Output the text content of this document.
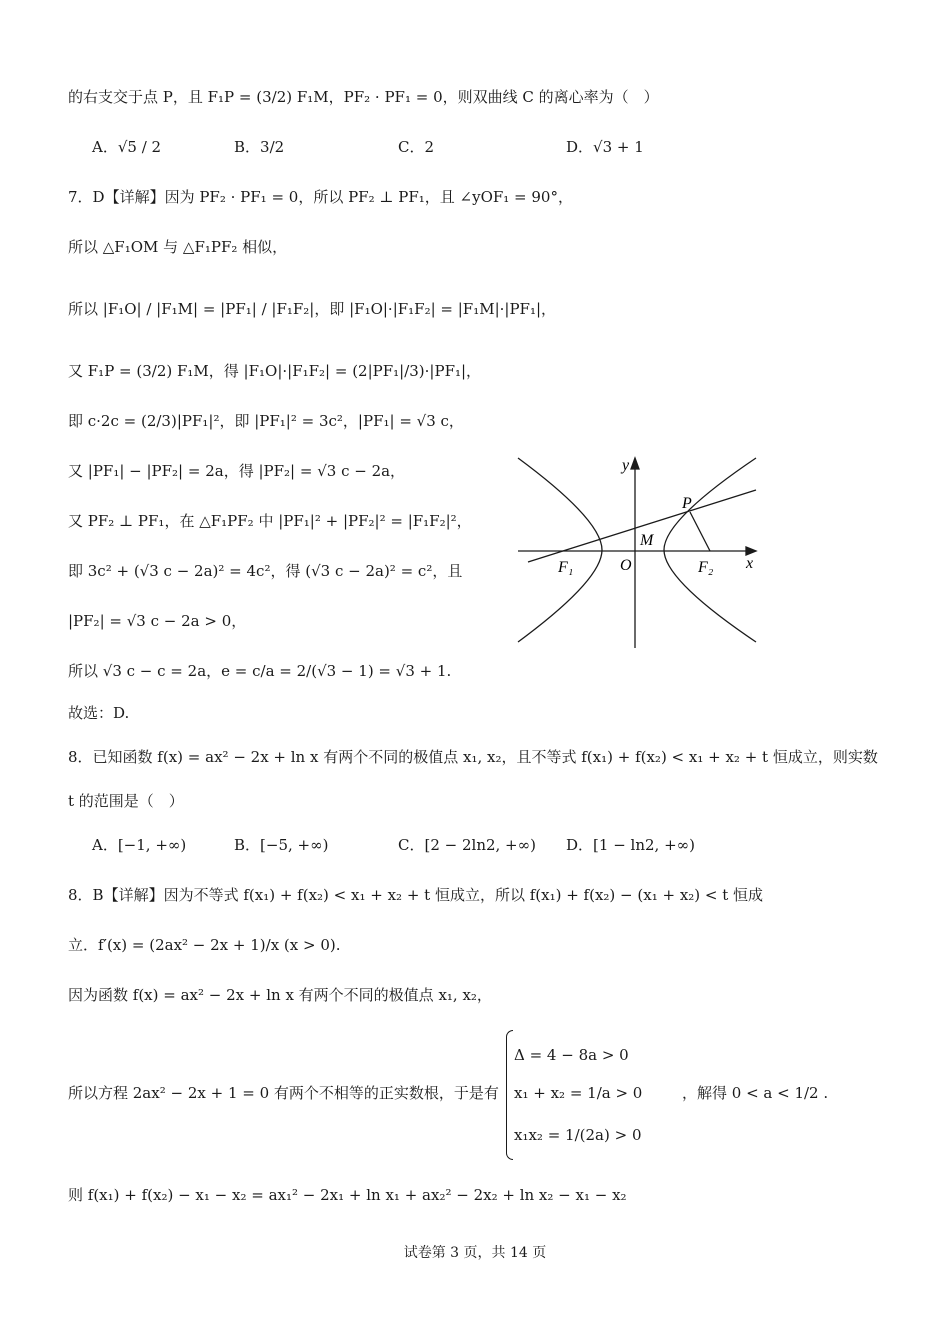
的右支交于点 P，且 F₁P = (3/2) F₁M，PF₂ · PF₁ = 0，则双曲线 C 的离心率为（　）
A．√5 / 2	B．3/2	C．2	D．√3 + 1
7．D【详解】因为 PF₂ · PF₁ = 0，所以 PF₂ ⊥ PF₁，且 ∠yOF₁ = 90°，
所以 △F₁OM 与 △F₁PF₂ 相似，
所以 |F₁O| / |F₁M| = |PF₁| / |F₁F₂|，即 |F₁O|·|F₁F₂| = |F₁M|·|PF₁|，
又 F₁P = (3/2) F₁M，得 |F₁O|·|F₁F₂| = (2|PF₁|/3)·|PF₁|，
即 c·2c = (2/3)|PF₁|²，即 |PF₁|² = 3c²，|PF₁| = √3 c，
又 |PF₁| − |PF₂| = 2a，得 |PF₂| = √3 c − 2a，
又 PF₂ ⊥ PF₁，在 △F₁PF₂ 中 |PF₁|² + |PF₂|² = |F₁F₂|²，
即 3c² + (√3 c − 2a)² = 4c²，得 (√3 c − 2a)² = c²，且
|PF₂| = √3 c − 2a > 0，
所以 √3 c − c = 2a，e = c/a = 2/(√3 − 1) = √3 + 1.
故选：D.
y
x
P
M
F₁	O	F₂
8．已知函数 f(x) = ax² − 2x + ln x 有两个不同的极值点 x₁, x₂，且不等式 f(x₁) + f(x₂) < x₁ + x₂ + t 恒成立，则实数
t 的范围是（　）
A．[−1, +∞)	B．[−5, +∞)	C．[2 − 2ln2, +∞) D．[1 − ln2, +∞)
8．B【详解】因为不等式 f(x₁) + f(x₂) < x₁ + x₂ + t 恒成立，所以 f(x₁) + f(x₂) − (x₁ + x₂) < t 恒成
立．f′(x) = (2ax² − 2x + 1)/x (x > 0).
因为函数 f(x) = ax² − 2x + ln x 有两个不同的极值点 x₁, x₂，
所以方程 2ax² − 2x + 1 = 0 有两个不相等的正实数根，于是有
Δ = 4 − 8a > 0
x₁ + x₂ = 1/a > 0
x₁x₂ = 1/(2a) > 0
，解得 0 < a < 1/2 .
则 f(x₁) + f(x₂) − x₁ − x₂ = ax₁² − 2x₁ + ln x₁ + ax₂² − 2x₂ + ln x₂ − x₁ − x₂
试卷第 3 页，共 14 页
